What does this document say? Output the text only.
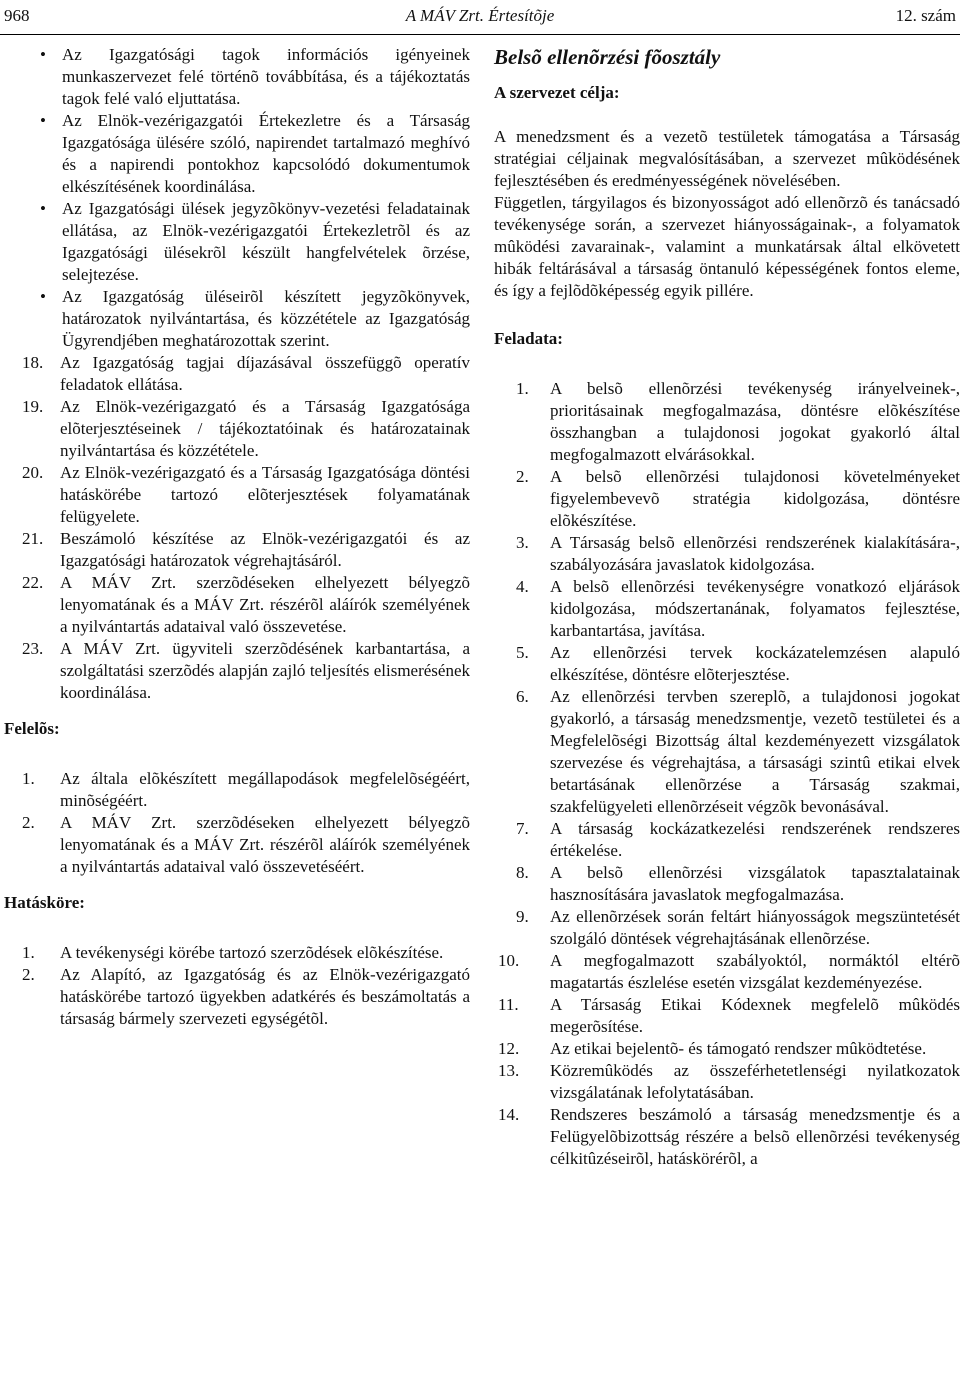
968	A MÁV Zrt. Értesítõje	12. szám
• Az Igazgatósági tagok információs igényeinek munkaszervezet felé történõ továbbítása, és a tájékoztatás tagok felé való eljuttatása.
• Az Elnök-vezérigazgatói Értekezletre és a Társaság Igazgatósága ülésére szóló, napirendet tartalmazó meghívó és a napirendi pontokhoz kapcsolódó dokumentumok elkészítésének koordinálása.
• Az Igazgatósági ülések jegyzõkönyv-vezetési feladatainak ellátása, az Elnök-vezérigazgatói Értekezletrõl és az Igazgatósági ülésekrõl készült hangfelvételek õrzése, selejtezése.
• Az Igazgatóság üléseirõl készített jegyzõkönyvek, határozatok nyilvántartása, és közzététele az Igazgatóság Ügyrendjében meghatározottak szerint.
18. Az Igazgatóság tagjai díjazásával összefüggõ operatív feladatok ellátása.
19. Az Elnök-vezérigazgató és a Társaság Igazgatósága elõterjesztéseinek / tájékoztatóinak és határozatainak nyilvántartása és közzététele.
20. Az Elnök-vezérigazgató és a Társaság Igazgatósága döntési hatáskörébe tartozó elõterjesztések folyamatának felügyelete.
21. Beszámoló készítése az Elnök-vezérigazgatói és az Igazgatósági határozatok végrehajtásáról.
22. A MÁV Zrt. szerzõdéseken elhelyezett bélyegzõ lenyomatának és a MÁV Zrt. részérõl aláírók személyének a nyilvántartás adataival való összevetése.
23. A MÁV Zrt. ügyviteli szerzõdésének karbantartása, a szolgáltatási szerzõdés alapján zajló teljesítés elismerésének koordinálása.
Felelõs:
1. Az általa elõkészített megállapodások megfelelõségéért, minõségéért.
2. A MÁV Zrt. szerzõdéseken elhelyezett bélyegzõ lenyomatának és a MÁV Zrt. részérõl aláírók személyének a nyilvántartás adataival való összevetéséért.
Hatásköre:
1. A tevékenységi körébe tartozó szerzõdések elõkészítése.
2. Az Alapító, az Igazgatóság és az Elnök-vezérigazgató hatáskörébe tartozó ügyekben adatkérés és beszámoltatás a társaság bármely szervezeti egységétõl.
Belsõ ellenõrzési fõosztály
A szervezet célja:

A menedzsment és a vezetõ testületek támogatása a Társaság stratégiai céljainak megvalósításában, a szervezet mûködésének fejlesztésében és eredményességének növelésében.

Független, tárgyilagos és bizonyosságot adó ellenõrzõ és tanácsadó tevékenysége során, a szervezet hiányosságainak-, a folyamatok mûködési zavarainak-, valamint a munkatársak által elkövetett hibák feltárásával a társaság öntanuló képességének fontos eleme, és így a fejlõdõképesség egyik pillére.

Feladata:
1. A belsõ ellenõrzési tevékenység irányelveinek-, prioritásainak megfogalmazása, döntésre elõkészítése összhangban a tulajdonosi jogokat gyakorló által megfogalmazott elvárásokkal.
2. A belsõ ellenõrzési tulajdonosi követelményeket figyelembevevõ stratégia kidolgozása, döntésre elõkészítése.
3. A Társaság belsõ ellenõrzési rendszerének kialakítására-, szabályozására javaslatok kidolgozása.
4. A belsõ ellenõrzési tevékenységre vonatkozó eljárások kidolgozása, módszertanának, folyamatos fejlesztése, karbantartása, javítása.
5. Az ellenõrzési tervek kockázatelemzésen alapuló elkészítése, döntésre elõterjesztése.
6. Az ellenõrzési tervben szereplõ, a tulajdonosi jogokat gyakorló, a társaság menedzsmentje, vezetõ testületei és a Megfelelõségi Bizottság által kezdeményezett vizsgálatok szervezése és végrehajtása, a társasági szintû etikai elvek betartásának ellenõrzése a Társaság szakmai, szakfelügyeleti ellenõrzéseit végzõk bevonásával.
7. A társaság kockázatkezelési rendszerének rendszeres értékelése.
8. A belsõ ellenõrzési vizsgálatok tapasztalatainak hasznosítására javaslatok megfogalmazása.
9. Az ellenõrzések során feltárt hiányosságok megszüntetését szolgáló döntések végrehajtásának ellenõrzése.
10. A megfogalmazott szabályoktól, normáktól eltérõ magatartás észlelése esetén vizsgálat kezdeményezése.
11. A Társaság Etikai Kódexnek megfelelõ mûködés megerõsítése.
12. Az etikai bejelentõ- és támogató rendszer mûködtetése.
13. Közremûködés az összeférhetetlenségi nyilatkozatok vizsgálatának lefolytatásában.
14. Rendszeres beszámoló a társaság menedzsmentje és a Felügyelõbizottság részére a belsõ ellenõrzési tevékenység célkitûzéseirõl, hatáskörérõl, a
